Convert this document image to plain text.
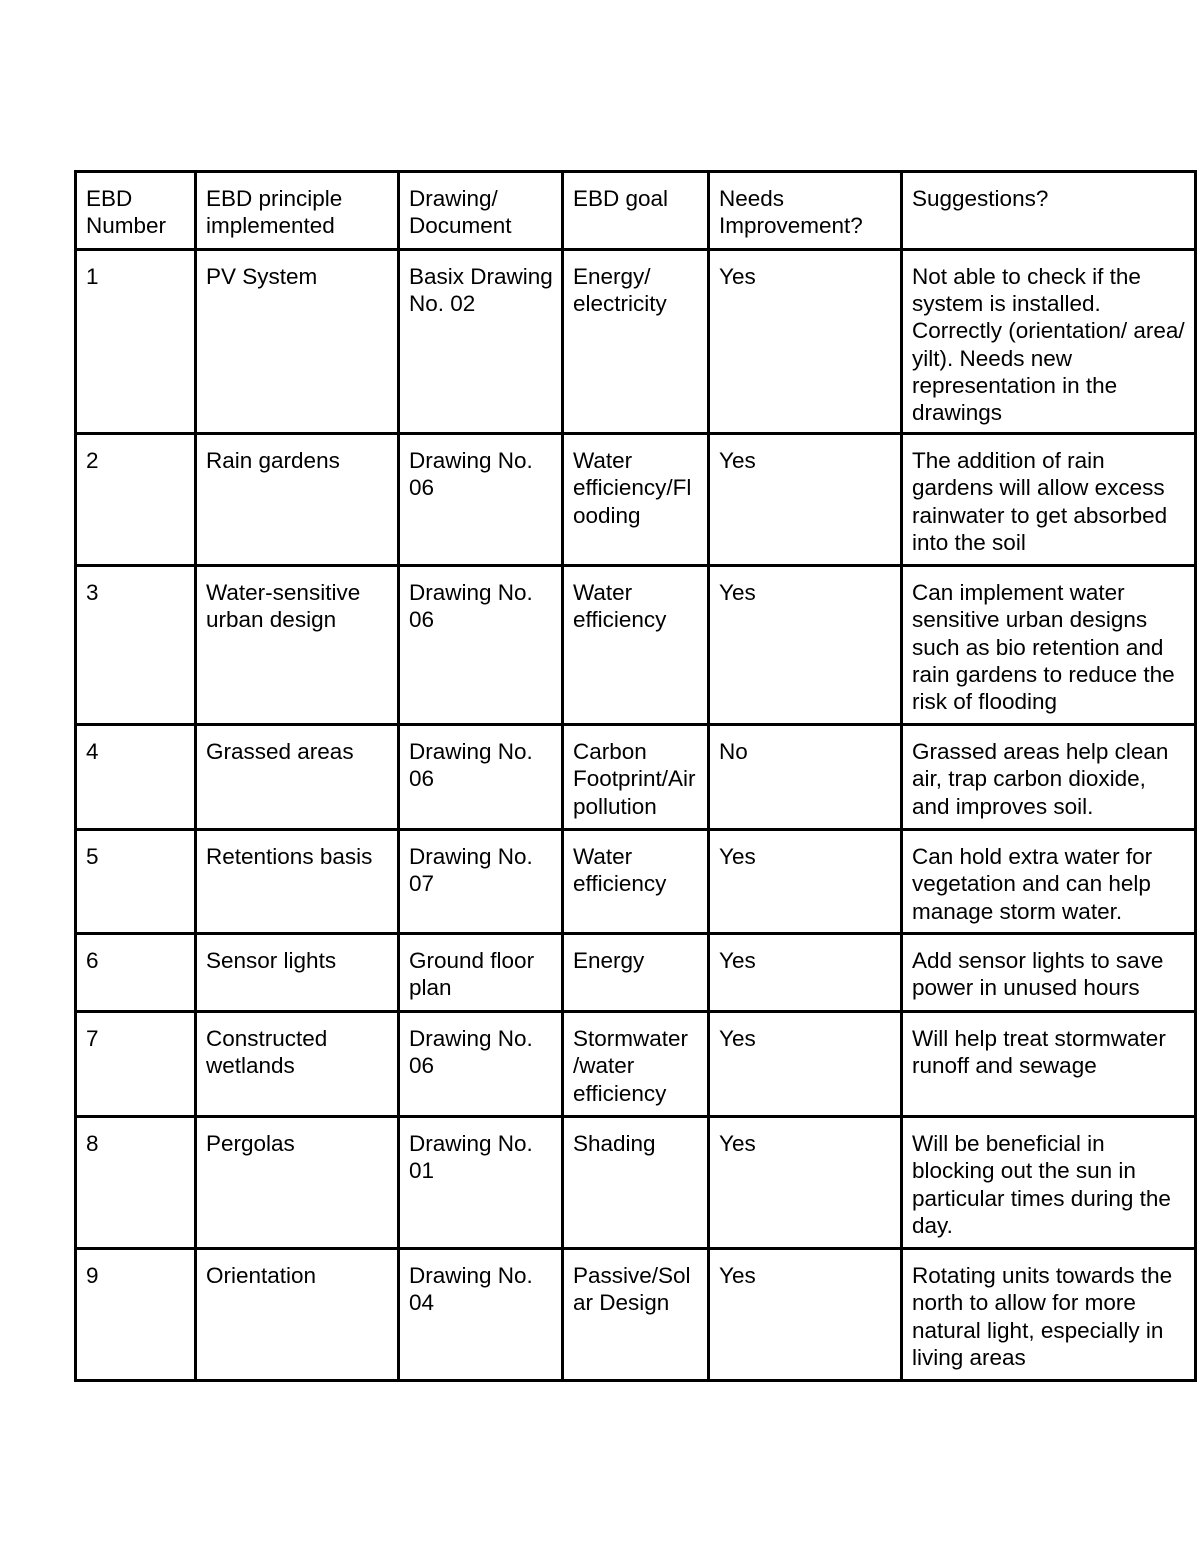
EBD Number	EBD principle implemented	Drawing/ Document	EBD goal	Needs Improvement?	Suggestions?
1	PV System	Basix Drawing No. 02	Energy/ electricity	Yes	Not able to check if the system is installed. Correctly (orientation/ area/ yilt). Needs new representation in the drawings
2	Rain gardens	Drawing No. 06	Water efficiency/Flooding	Yes	The addition of rain gardens will allow excess rainwater to get absorbed into the soil
3	Water-sensitive urban design	Drawing No. 06	Water efficiency	Yes	Can implement water sensitive urban designs such as bio retention and rain gardens to reduce the risk of flooding
4	Grassed areas	Drawing No. 06	Carbon Footprint/Air pollution	No	Grassed areas help clean air, trap carbon dioxide, and improves soil.
5	Retentions basis	Drawing No. 07	Water efficiency	Yes	Can hold extra water for vegetation and can help manage storm water.
6	Sensor lights	Ground floor plan	Energy	Yes	Add sensor lights to save power in unused hours
7	Constructed wetlands	Drawing No. 06	Stormwater /water efficiency	Yes	Will help treat stormwater runoff and sewage
8	Pergolas	Drawing No. 01	Shading	Yes	Will be beneficial in blocking out the sun in particular times during the day.
9	Orientation	Drawing No. 04	Passive/Solar Design	Yes	Rotating units towards the north to allow for more natural light, especially in living areas
